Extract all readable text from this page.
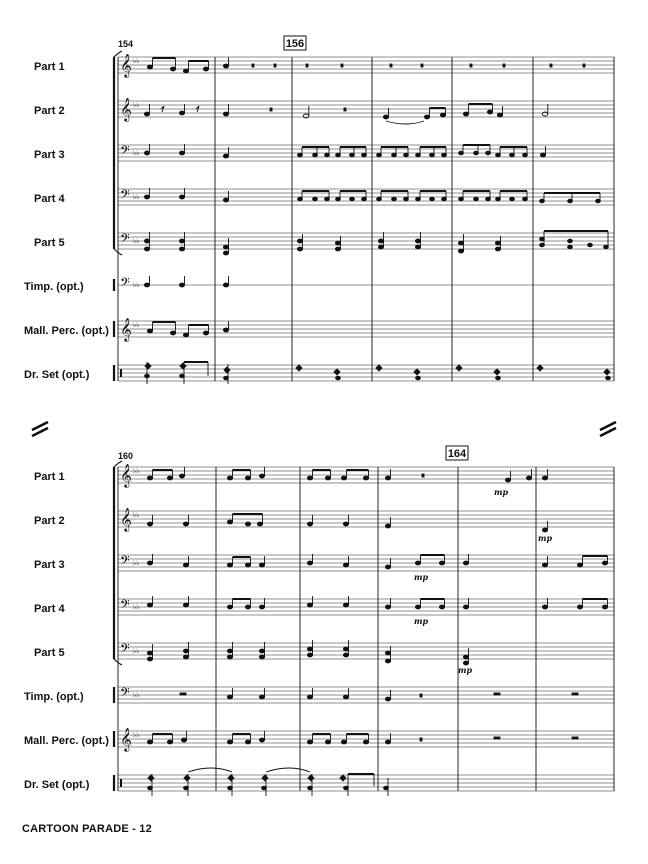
154	156
Part 1
Part 2
Part 3
Part 4
Part 5
Timp. (opt.)
Mall. Perc. (opt.)
Dr. Set (opt.)
𝄞
𝄞
𝄢
𝄢
𝄢
𝄢
𝄞
♭♭
♭♭
♭♭
♭♭
♭♭
♭♭
♭♭
160	164
Part 1
Part 2
Part 3
Part 4
Part 5
Timp. (opt.)
Mall. Perc. (opt.)
Dr. Set (opt.)
𝄞
𝄞
𝄢
𝄢
𝄢
𝄢
𝄞
♭♭
♭♭
♭♭
♭♭
♭♭
♭♭
♭♭
mp
mp
mp
mp
mp
CARTOON PARADE - 12
